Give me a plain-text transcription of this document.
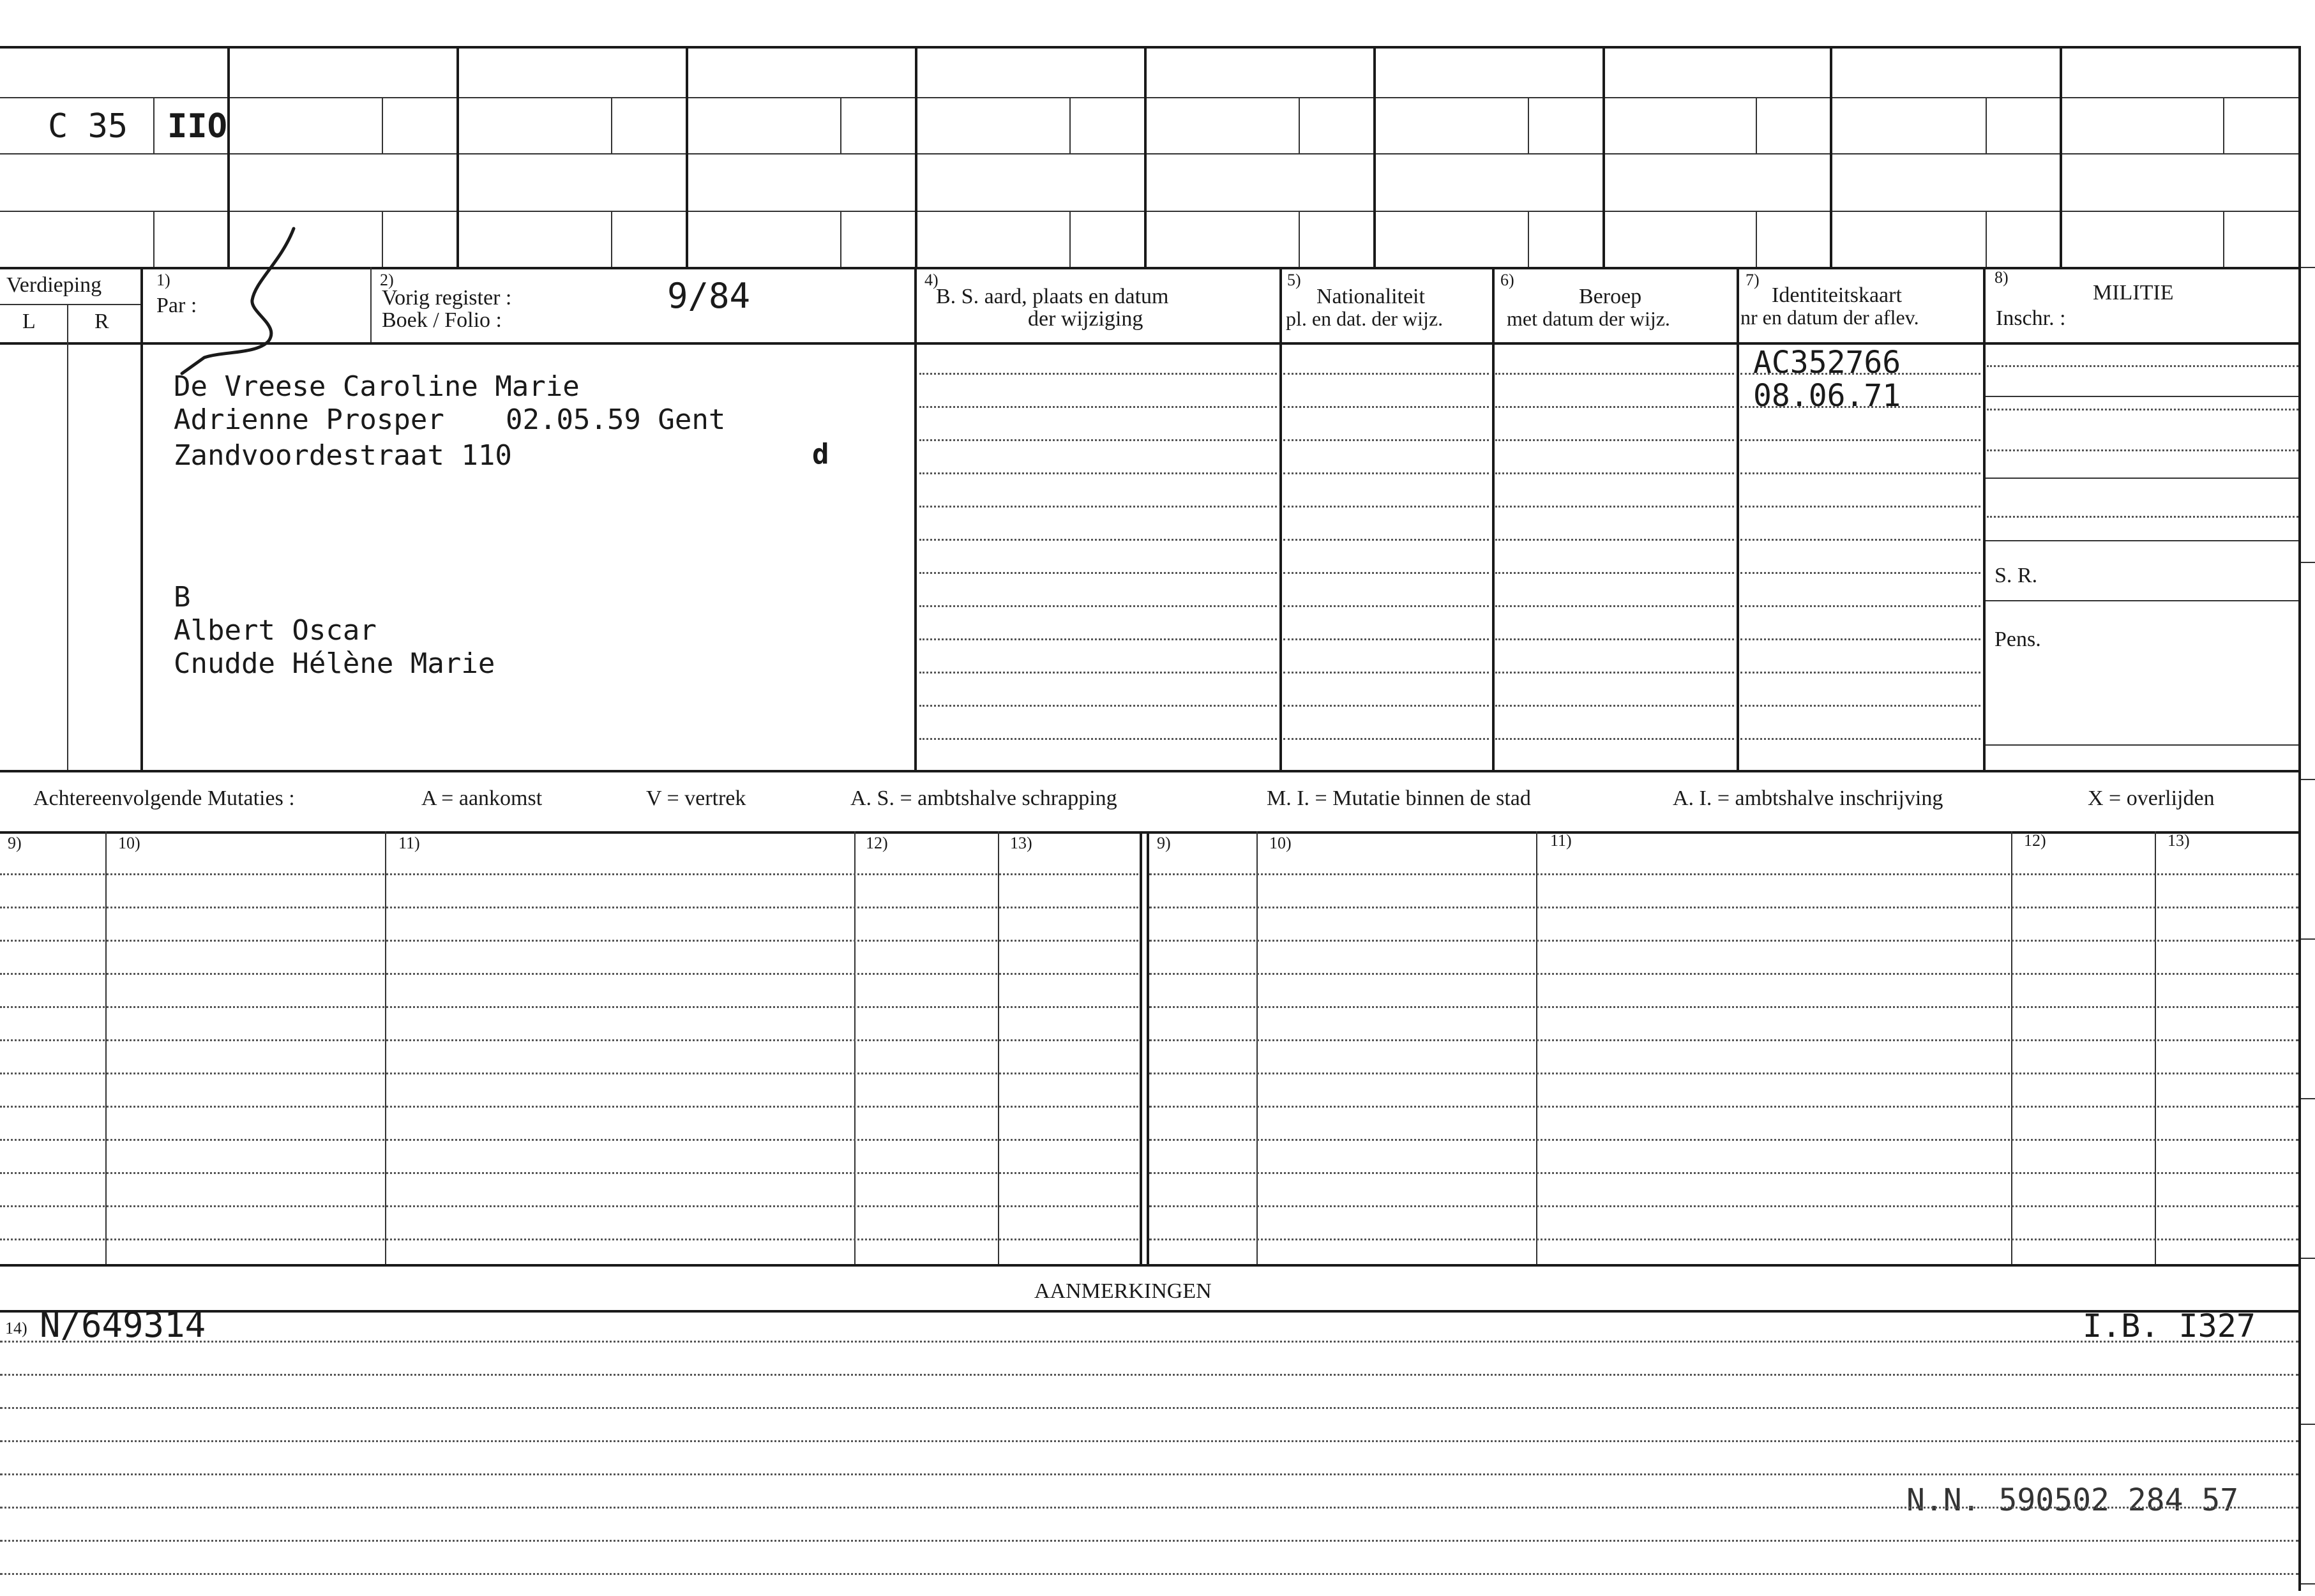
C 35 IIO
Verdieping
L	R
1)
Par :
2)
Vorig register :
Boek / Folio :
9/84	4)
B. S. aard, plaats en datum
der wijziging
5)
Nationaliteit
pl. en dat. der wijz.
6)
Beroep
met datum der wijz.
7)
Identiteitskaart
nr en datum der aflev.
8)
MILITIE
Inschr. :
De Vreese Caroline Marie
Adrienne Prosper 02.05.59 Gent
Zandvoordestraat 110	d
B
Albert Oscar
Cnudde Hélène Marie
AC352766
08.06.71
S. R.
Pens.
Achtereenvolgende Mutaties :	A = aankomst	V = vertrek	A. S. = ambtshalve schrapping	M. I. = Mutatie binnen de stad	A. I. = ambtshalve inschrijving	X = overlijden
9)	10)	11)	12)	13)	9)	10)	11)	12)	13)
AANMERKINGEN
14) N/649314	I.B. I327
N.N. 590502 284 57
